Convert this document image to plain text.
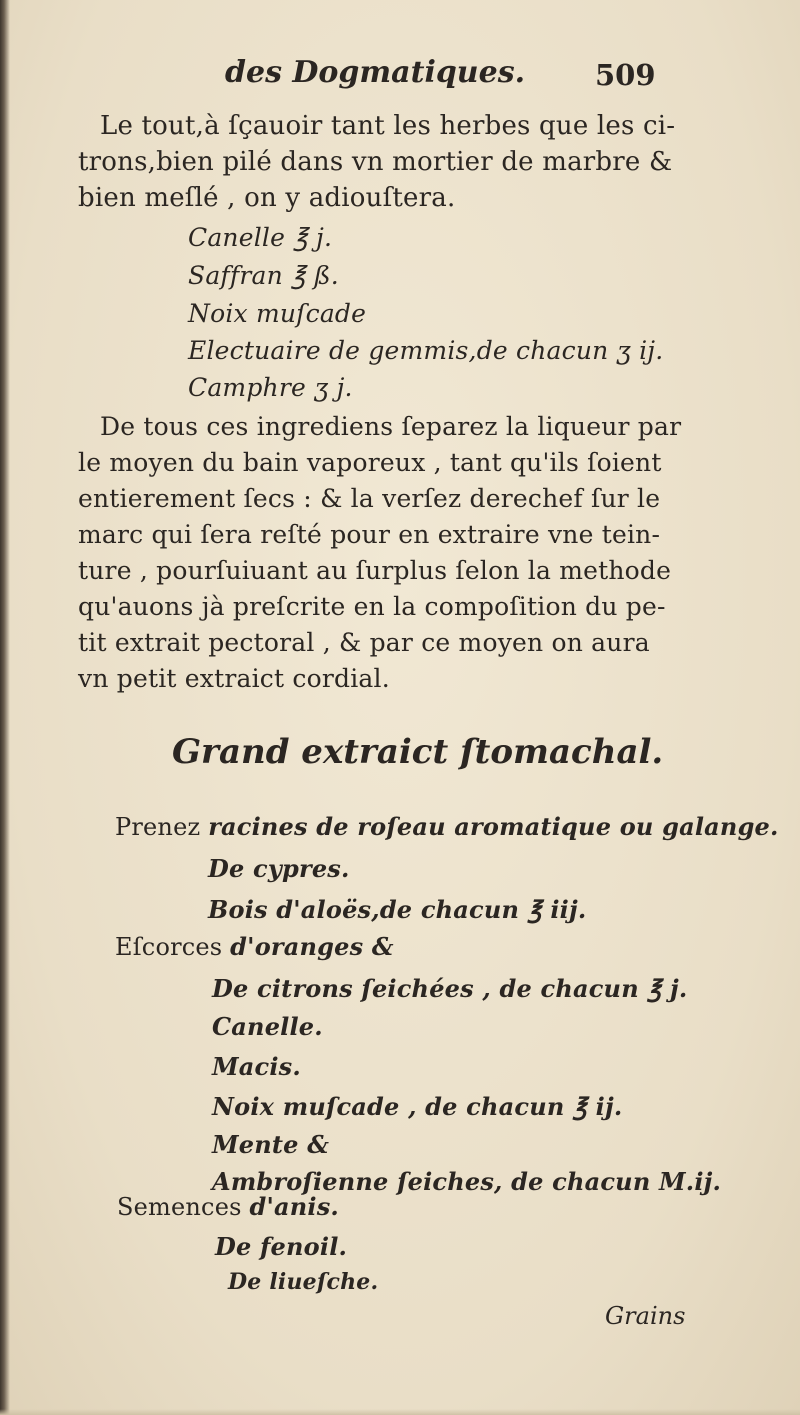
des Dogmatiques. 509
Le tout,à ſçauoir tant les herbes que les ci-
trons,bien pilé dans vn mortier de marbre &
bien meſlé , on y adiouſtera.
Canelle ℥ j.
Saffran ℥ ß.
Noix muſcade
Electuaire de gemmis,de chacun ʒ ij.
Camphre ʒ j.
De tous ces ingrediens ſeparez la liqueur par
le moyen du bain vaporeux , tant qu'ils ſoient
entierement ſecs : & la verſez derechef ſur le
marc qui ſera reſté pour en extraire vne tein-
ture , pourſuiuant au ſurplus ſelon la methode
qu'auons jà preſcrite en la compoſition du pe-
tit extrait pectoral , & par ce moyen on aura
vn petit extraict cordial.
Grand extraict ſtomachal.
Prenez racines de roſeau aromatique ou galange.
De cypres.
Bois d'aloës,de chacun ℥ iij.
Eſcorces d'oranges &
De citrons ſeichées , de chacun ℥ j.
Canelle.
Macis.
Noix muſcade , de chacun ℥ ij.
Mente &
Ambroſienne ſeiches, de chacun M.ij.
Semences d'anis.
De fenoil.
De liueſche.
Grains
